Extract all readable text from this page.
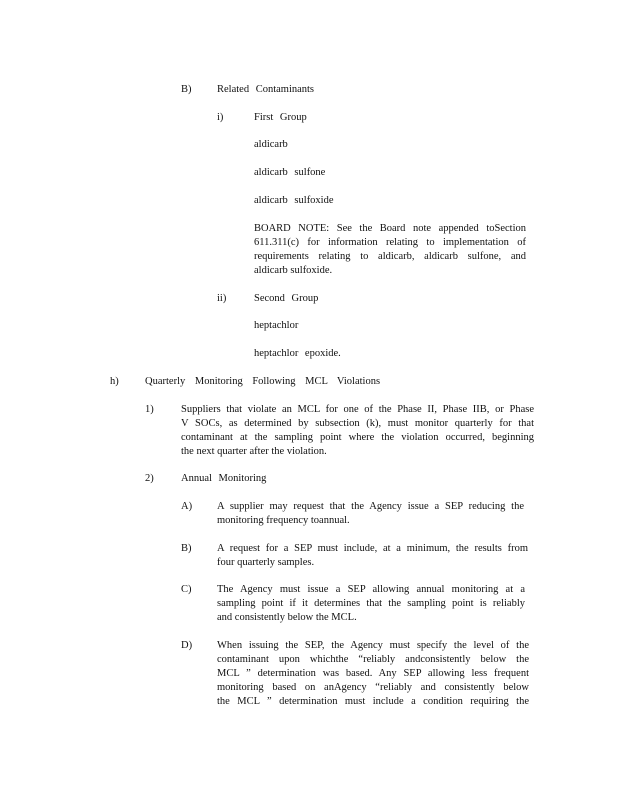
B) Related Contaminants
i)	First Group
aldicarb
aldicarb sulfone
aldicarb sulfoxide
BOARD NOTE: See the Board note appended toSection
611.311(c) for information relating to implementation of
requirements relating to aldicarb, aldicarb sulfone, and
aldicarb sulfoxide.
ii)	Second Group
heptachlor
heptachlor epoxide.
h)	Quarterly Monitoring Following MCL Violations
1)	Suppliers that violate an MCL for one of the Phase II, Phase IIB, or Phase
V SOCs, as determined by subsection (k), must monitor quarterly for that
contaminant at the sampling point where the violation occurred, beginning
the next quarter after the violation.
2)	Annual Monitoring
A) A supplier may request that the Agency issue a SEP reducing the
monitoring frequency toannual.
B) A request for a SEP must include, at a minimum, the results from
four quarterly samples.
C) The Agency must issue a SEP allowing annual monitoring at a
sampling point if it determines that the sampling point is reliably
and consistently below the MCL.
D) When issuing the SEP, the Agency must specify the level of the
contaminant upon whichthe “reliably andconsistently below the
MCL ” determination was based. Any SEP allowing less frequent
monitoring based on anAgency “reliably and consistently below
the MCL ” determination must include a condition requiring the
